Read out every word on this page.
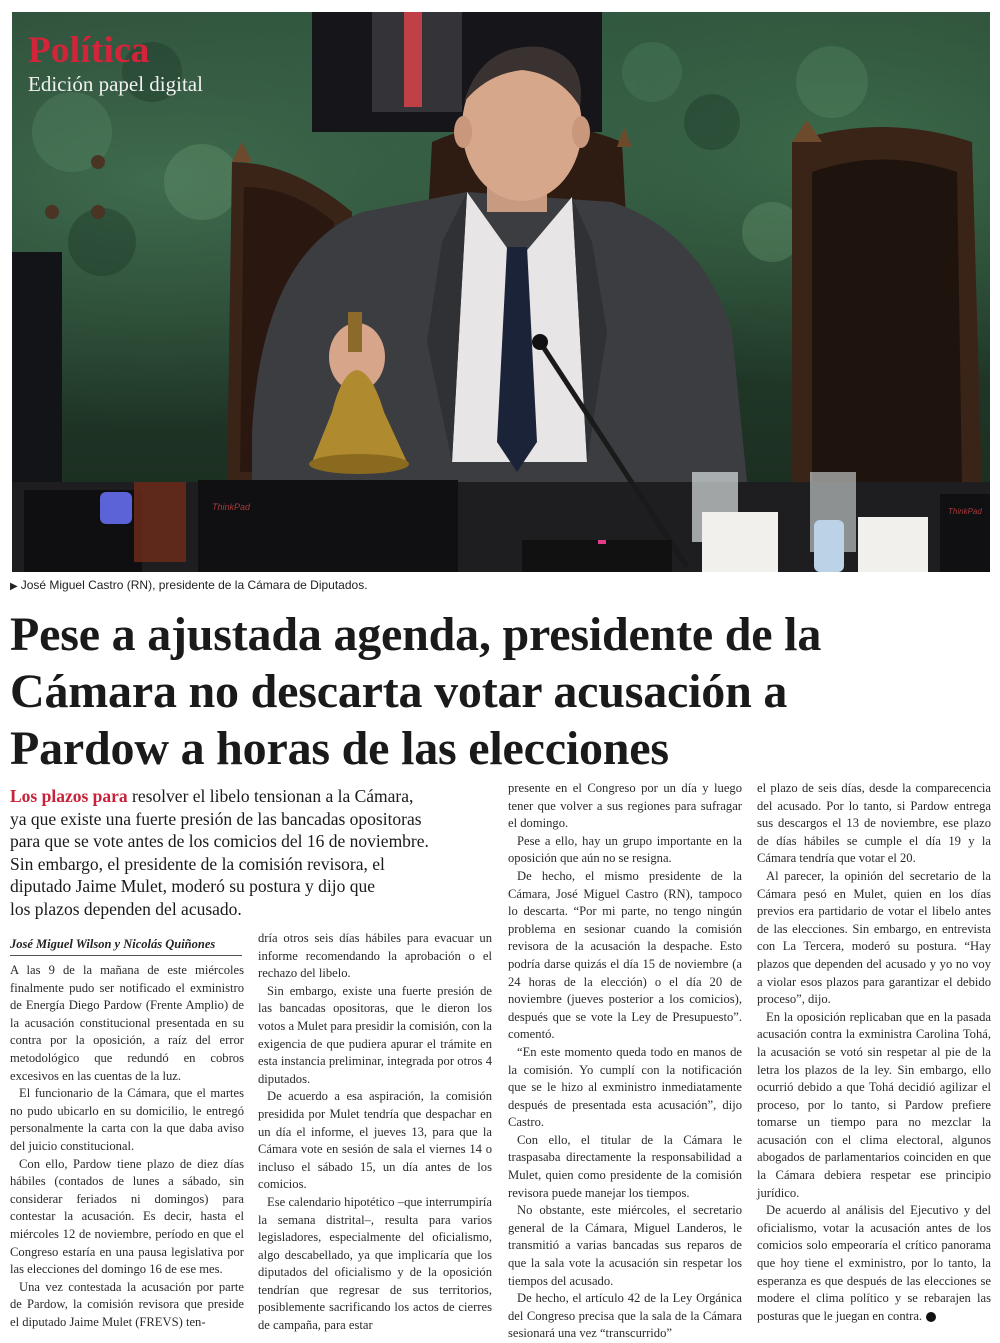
ThinkPad	ThinkPad
Política
Edición papel digital
▶ José Miguel Castro (RN), presidente de la Cámara de Diputados.
Pese a ajustada agenda, presidente de la
Cámara no descarta votar acusación a
Pardow a horas de las elecciones
Los plazos para resolver el libelo tensionan a la Cámara,
ya que existe una fuerte presión de las bancadas opositoras
para que se vote antes de los comicios del 16 de noviembre.
Sin embargo, el presidente de la comisión revisora, el
diputado Jaime Mulet, moderó su postura y dijo que
los plazos dependen del acusado.
José Miguel Wilson y Nicolás Quiñones

A las 9 de la mañana de este miércoles finalmente pudo ser notificado el exministro de Energía Diego Pardow (Frente Amplio) de la acusación constitucional presentada en su contra por la oposición, a raíz del error metodológico que redundó en cobros excesivos en las cuentas de la luz.

El funcionario de la Cámara, que el martes no pudo ubicarlo en su domicilio, le entregó personalmente la carta con la que daba aviso del juicio constitucional.

Con ello, Pardow tiene plazo de diez días hábiles (contados de lunes a sábado, sin considerar feriados ni domingos) para contestar la acusación. Es decir, hasta el miércoles 12 de noviembre, período en que el Congreso estaría en una pausa legislativa por las elecciones del domingo 16 de ese mes.

Una vez contestada la acusación por parte de Pardow, la comisión revisora que preside el diputado Jaime Mulet (FREVS) ten-

dría otros seis días hábiles para evacuar un informe recomendando la aprobación o el rechazo del libelo.

Sin embargo, existe una fuerte presión de las bancadas opositoras, que le dieron los votos a Mulet para presidir la comisión, con la exigencia de que pudiera apurar el trámite en esta instancia preliminar, integrada por otros 4 diputados.

De acuerdo a esa aspiración, la comisión presidida por Mulet tendría que despachar en un día el informe, el jueves 13, para que la Cámara vote en sesión de sala el viernes 14 o incluso el sábado 15, un día antes de los comicios.

Ese calendario hipotético –que interrumpiría la semana distrital–, resulta para varios legisladores, especialmente del oficialismo, algo descabellado, ya que implicaría que los diputados del oficialismo y de la oposición tendrían que regresar de sus territorios, posiblemente sacrificando los actos de cierres de campaña, para estar

presente en el Congreso por un día y luego tener que volver a sus regiones para sufragar el domingo.

Pese a ello, hay un grupo importante en la oposición que aún no se resigna.

De hecho, el mismo presidente de la Cámara, José Miguel Castro (RN), tampoco lo descarta. “Por mi parte, no tengo ningún problema en sesionar cuando la comisión revisora de la acusación la despache. Esto podría darse quizás el día 15 de noviembre (a 24 horas de la elección) o el día 20 de noviembre (jueves posterior a los comicios), después que se vote la Ley de Presupuesto”. comentó.

“En este momento queda todo en manos de la comisión. Yo cumplí con la notificación que se le hizo al exministro inmediatamente después de presentada esta acusación”, dijo Castro.

Con ello, el titular de la Cámara le traspasaba directamente la responsabilidad a Mulet, quien como presidente de la comisión revisora puede manejar los tiempos.

No obstante, este miércoles, el secretario general de la Cámara, Miguel Landeros, le transmitió a varias bancadas sus reparos de que la sala vote la acusación sin respetar los tiempos del acusado.

De hecho, el artículo 42 de la Ley Orgánica del Congreso precisa que la sala de la Cámara sesionará una vez “transcurrido”

el plazo de seis días, desde la comparecencia del acusado. Por lo tanto, si Pardow entrega sus descargos el 13 de noviembre, ese plazo de días hábiles se cumple el día 19 y la Cámara tendría que votar el 20.

Al parecer, la opinión del secretario de la Cámara pesó en Mulet, quien en los días previos era partidario de votar el libelo antes de las elecciones. Sin embargo, en entrevista con La Tercera, moderó su postura. “Hay plazos que dependen del acusado y yo no voy a violar esos plazos para garantizar el debido proceso”, dijo.

En la oposición replicaban que en la pasada acusación contra la exministra Carolina Tohá, la acusación se votó sin respetar al pie de la letra los plazos de la ley. Sin embargo, ello ocurrió debido a que Tohá decidió agilizar el proceso, por lo tanto, si Pardow prefiere tomarse un tiempo para no mezclar la acusación con el clima electoral, algunos abogados de parlamentarios coinciden en que la Cámara debiera respetar ese principio jurídico.

De acuerdo al análisis del Ejecutivo y del oficialismo, votar la acusación antes de los comicios solo empeoraría el crítico panorama que hoy tiene el exministro, por lo tanto, la esperanza es que después de las elecciones se modere el clima político y se rebarajen las posturas que le juegan en contra.
